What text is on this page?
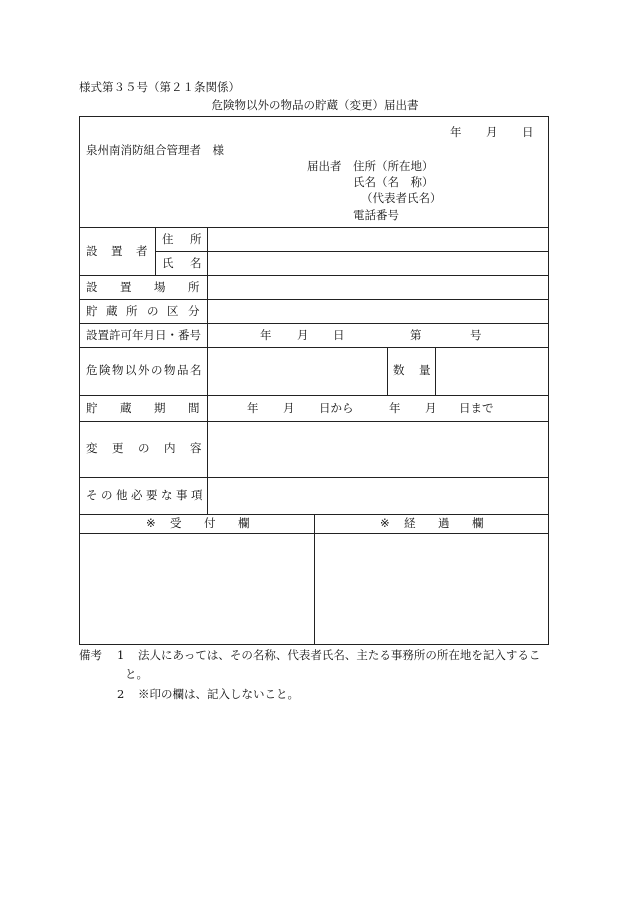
様式第３５号（第２１条関係）
危険物以外の物品の貯蔵（変更）届出書
年 月 日
泉州南消防組合管理者　様
届出者 住所（所在地）
氏名（名　称）
（代表者氏名）
電話番号
設 置 者
住 所
氏 名
設 置 場 所
貯 蔵 所 の 区 分
設置許可年月日・番号	年 月 日	第	号
危 険 物 以 外 の 物 品 名	数 量
貯 蔵 期 間	年 月 日から	年 月 日まで
変 更 の 内 容
そ の 他 必 要 な 事 項
※ 受 付 欄	※ 経 過 欄
備考 1 法人にあっては、その名称、代表者氏名、主たる事務所の所在地を記入するこ
と。
2 ※印の欄は、記入しないこと。
